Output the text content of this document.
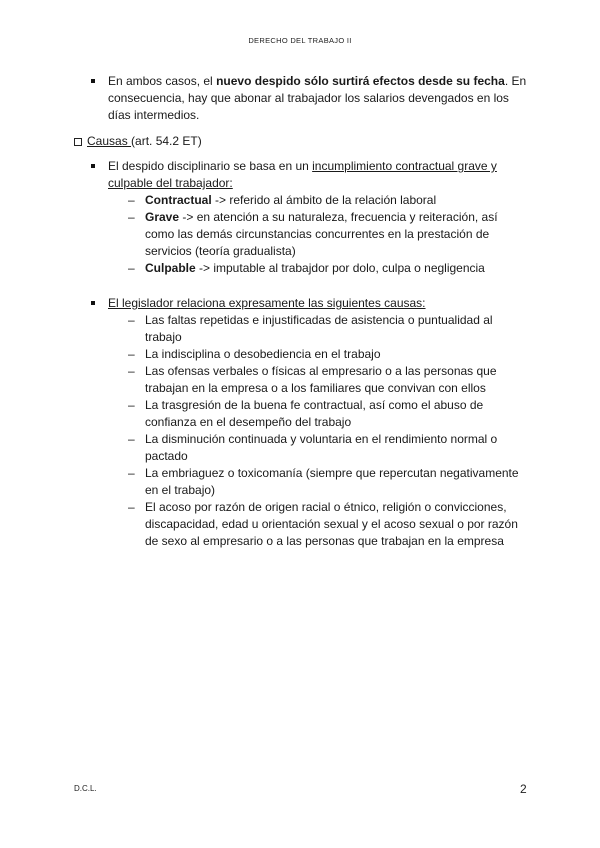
DERECHO DEL TRABAJO II
En ambos casos, el nuevo despido sólo surtirá efectos desde su fecha. En consecuencia, hay que abonar al trabajador los salarios devengados en los días intermedios.
Causas (art. 54.2 ET)
El despido disciplinario se basa en un incumplimiento contractual grave y culpable del trabajador:
– Contractual -> referido al ámbito de la relación laboral
– Grave -> en atención a su naturaleza, frecuencia y reiteración, así como las demás circunstancias concurrentes en la prestación de servicios (teoría gradualista)
– Culpable -> imputable al trabajdor por dolo, culpa o negligencia
El legislador relaciona expresamente las siguientes causas:
– Las faltas repetidas e injustificadas de asistencia o puntualidad al trabajo
– La indisciplina o desobediencia en el trabajo
– Las ofensas verbales o físicas al empresario o a las personas que trabajan en la empresa o a los familiares que convivan con ellos
– La trasgresión de la buena fe contractual, así como el abuso de confianza en el desempeño del trabajo
– La disminución continuada y voluntaria en el rendimiento normal o pactado
– La embriaguez o toxicomanía (siempre que repercutan negativamente en el trabajo)
– El acoso por razón de origen racial o étnico, religión o convicciones, discapacidad, edad u orientación sexual y el acoso sexual o por razón de sexo al empresario o a las personas que trabajan en la empresa
D.C.L.	2
